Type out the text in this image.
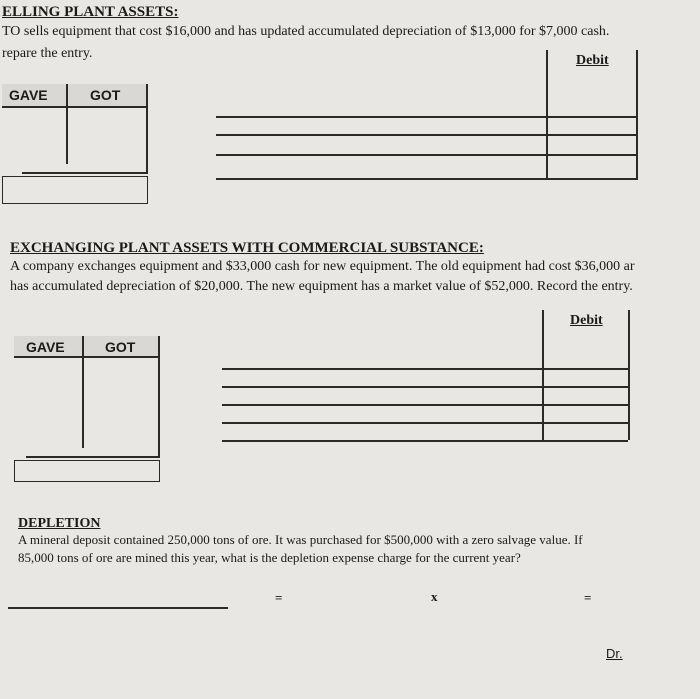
ELLING PLANT ASSETS:
TO sells equipment that cost $16,000 and has updated accumulated depreciation of $13,000 for $7,000 cash.
repare the entry.
GAVE	GOT
Debit
EXCHANGING PLANT ASSETS WITH COMMERCIAL SUBSTANCE:
A company exchanges equipment and $33,000 cash for new equipment. The old equipment had cost $36,000 ar
has accumulated depreciation of $20,000. The new equipment has a market value of $52,000. Record the entry.
GAVE	GOT
Debit
DEPLETION
A mineral deposit contained 250,000 tons of ore. It was purchased for $500,000 with a zero salvage value. If
85,000 tons of ore are mined this year, what is the depletion expense charge for the current year?
=	x	=
Dr.
